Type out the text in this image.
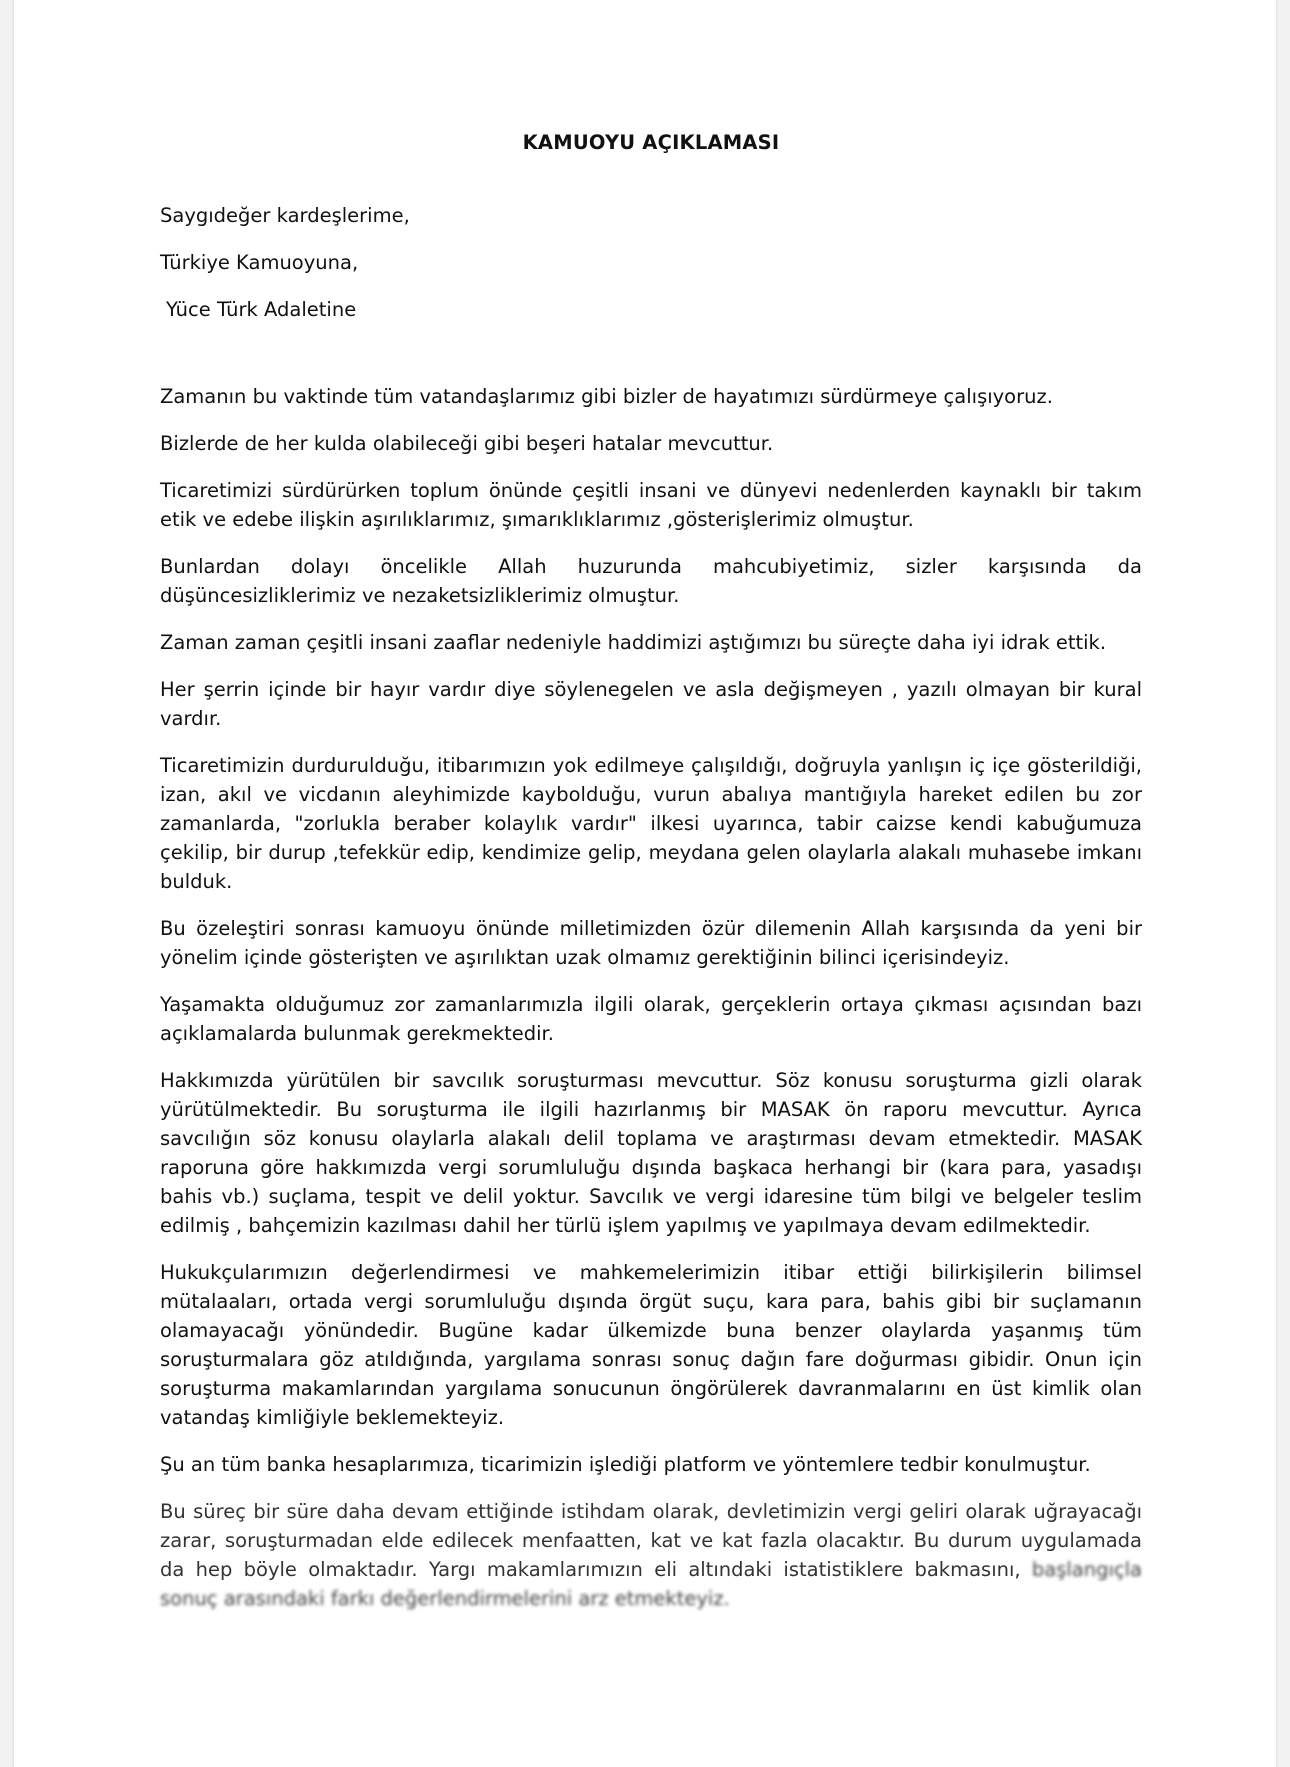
KAMUOYU AÇIKLAMASI
Saygıdeğer kardeşlerime,
Türkiye Kamuoyuna,
Yüce Türk Adaletine

Zamanın bu vaktinde tüm vatandaşlarımız gibi bizler de hayatımızı sürdürmeye çalışıyoruz.

Bizlerde de her kulda olabileceği gibi beşeri hatalar mevcuttur.

Ticaretimizi sürdürürken toplum önünde çeşitli insani ve dünyevi nedenlerden kaynaklı bir takım etik ve edebe ilişkin aşırılıklarımız, şımarıklıklarımız ,gösterişlerimiz olmuştur.

Bunlardan dolayı öncelikle Allah huzurunda mahcubiyetimiz, sizler karşısında da düşüncesizliklerimiz ve nezaketsizliklerimiz olmuştur.

Zaman zaman çeşitli insani zaaflar nedeniyle haddimizi aştığımızı bu süreçte daha iyi idrak ettik.

Her şerrin içinde bir hayır vardır diye söylenegelen ve asla değişmeyen , yazılı olmayan bir kural vardır.

Ticaretimizin durdurulduğu, itibarımızın yok edilmeye çalışıldığı, doğruyla yanlışın iç içe gösterildiği, izan, akıl ve vicdanın aleyhimizde kaybolduğu, vurun abalıya mantığıyla hareket edilen bu zor zamanlarda, "zorlukla beraber kolaylık vardır" ilkesi uyarınca, tabir caizse kendi kabuğumuza çekilip, bir durup ,tefekkür edip, kendimize gelip, meydana gelen olaylarla alakalı muhasebe imkanı bulduk.

Bu özeleştiri sonrası kamuoyu önünde milletimizden özür dilemenin Allah karşısında da yeni bir yönelim içinde gösterişten ve aşırılıktan uzak olmamız gerektiğinin bilinci içerisindeyiz.

Yaşamakta olduğumuz zor zamanlarımızla ilgili olarak, gerçeklerin ortaya çıkması açısından bazı açıklamalarda bulunmak gerekmektedir.

Hakkımızda yürütülen bir savcılık soruşturması mevcuttur. Söz konusu soruşturma gizli olarak yürütülmektedir. Bu soruşturma ile ilgili hazırlanmış bir MASAK ön raporu mevcuttur. Ayrıca savcılığın söz konusu olaylarla alakalı delil toplama ve araştırması devam etmektedir. MASAK raporuna göre hakkımızda vergi sorumluluğu dışında başkaca herhangi bir (kara para, yasadışı bahis vb.) suçlama, tespit ve delil yoktur. Savcılık ve vergi idaresine tüm bilgi ve belgeler teslim edilmiş , bahçemizin kazılması dahil her türlü işlem yapılmış ve yapılmaya devam edilmektedir.

Hukukçularımızın değerlendirmesi ve mahkemelerimizin itibar ettiği bilirkişilerin bilimsel mütalaaları, ortada vergi sorumluluğu dışında örgüt suçu, kara para, bahis gibi bir suçlamanın olamayacağı yönündedir. Bugüne kadar ülkemizde buna benzer olaylarda yaşanmış tüm soruşturmalara göz atıldığında, yargılama sonrası sonuç dağın fare doğurması gibidir. Onun için soruşturma makamlarından yargılama sonucunun öngörülerek davranmalarını en üst kimlik olan vatandaş kimliğiyle beklemekteyiz.

Şu an tüm banka hesaplarımıza, ticarimizin işlediği platform ve yöntemlere tedbir konulmuştur.

Bu süreç bir süre daha devam ettiğinde istihdam olarak, devletimizin vergi geliri olarak uğrayacağı zarar, soruşturmadan elde edilecek menfaatten, kat ve kat fazla olacaktır. Bu durum uygulamada da hep böyle olmaktadır. Yargı makamlarımızın eli altındaki istatistiklere bakmasını, başlangıçla sonuç arasındaki farkı değerlendirmelerini arz etmekteyiz.
